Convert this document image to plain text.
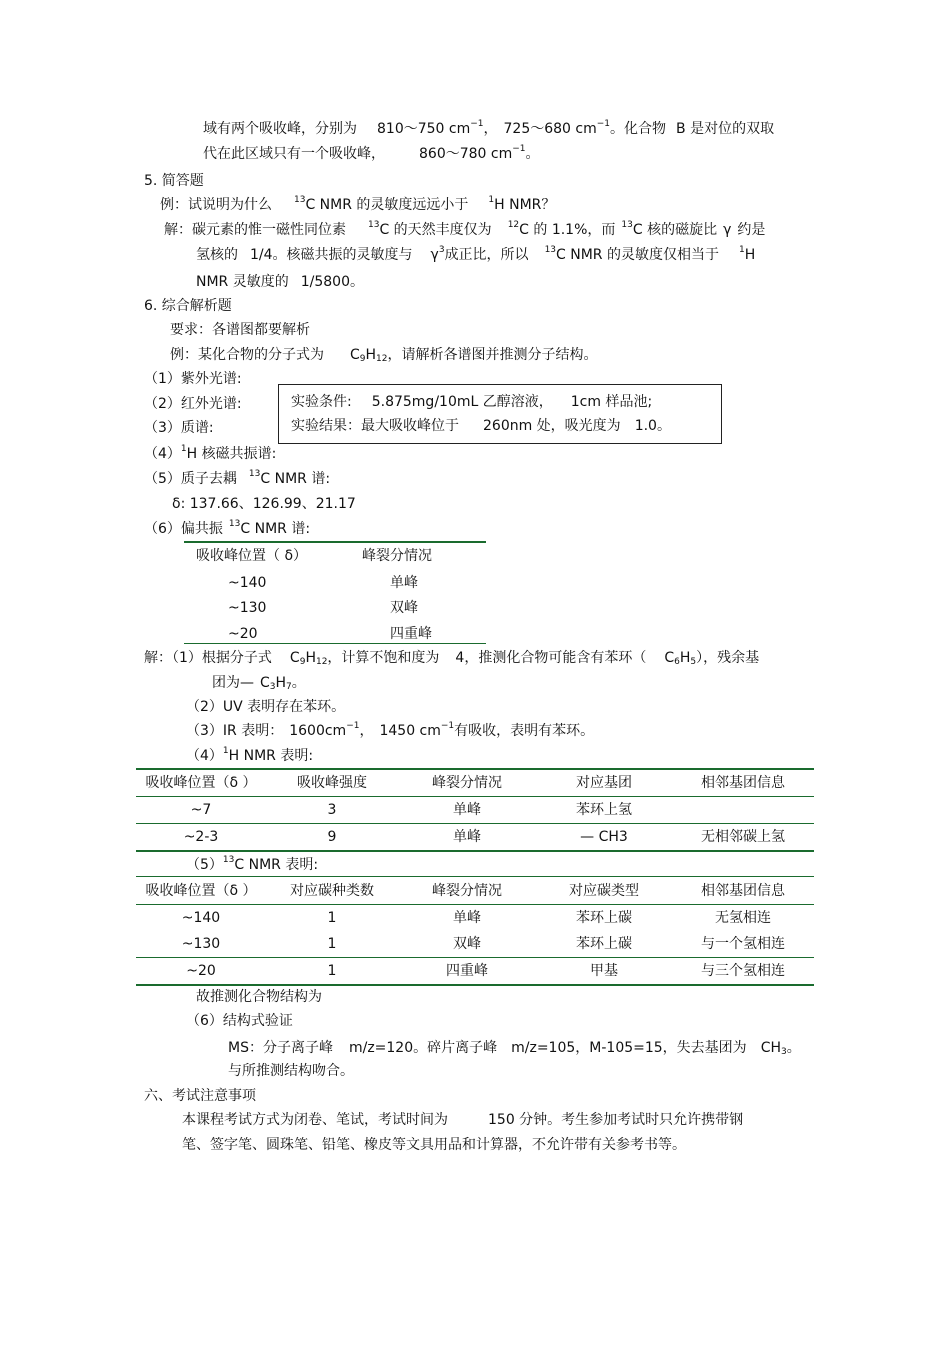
域有两个吸收峰，分别为 810～750 $cm^{-1}$， 725～680 $cm^{-1}$。化合物 B 是对位的双取
代在此区域只有一个吸收峰， 860～780 $cm^{-1}$。
5. 简答题
例：试说明为什么 $^{13}$C NMR 的灵敏度远远小于 $^1$H NMR？
解：碳元素的惟一磁性同位素 $^{13}$C 的天然丰度仅为 $^{12}$C 的 1.1%，而 $^{13}$C 核的磁旋比 γ 约是
氢核的 1/4。核磁共振的灵敏度与 $\gamma^3$成正比，所以 $^{13}$C NMR 的灵敏度仅相当于 $^1$H
NMR 灵敏度的 1/5800。
6. 综合解析题
要求：各谱图都要解析
例：某化合物的分子式为 $C_9H_{12}$，请解析各谱图并推测分子结构。
（1）紫外光谱:
（2）红外光谱:
（3）质谱:
$(4)^1H$ 核磁共振谱:
（5）质子去耦 $^{13}$C NMR 谱:
δ: 137.66、126.99、21.17
（6）偏共振 $^{13}$C NMR 谱:
实验条件: 5.875mg/10mL 乙醇溶液， 1cm 样品池;
实验结果：最大吸收峰位于 260nm 处，吸光度为 1.0。
吸收峰位置（ δ）	峰裂分情况
~140	单峰
~130	双峰
~20	四重峰
解：（1）根据分子式 $C_9H_{12}$，计算不饱和度为 4，推测化合物可能含有苯环（ $C_6H_5$），残余基
团为— $C_3H_7$。
（2）UV 表明存在苯环。
（3）IR 表明： $1600cm^{-1}$， 1450 $cm^{-1}$有吸收，表明有苯环。
$(4)^1H$ NMR 表明:
吸收峰位置（δ ）	吸收峰强度	峰裂分情况	对应基团	相邻基团信息
~7	3	单峰	苯环上氢	
~2-3	9	单峰	— CH3	无相邻碳上氢
$(5)^{13}C$ NMR 表明:
吸收峰位置（δ ）	对应碳种类数	峰裂分情况	对应碳类型	相邻基团信息
~140	1	单峰	苯环上碳	无氢相连
~130	1	双峰	苯环上碳	与一个氢相连
~20	1	四重峰	甲基	与三个氢相连
故推测化合物结构为
（6）结构式验证
MS：分子离子峰 m/z=120。碎片离子峰 m/z=105，M-105=15，失去基团为 $CH_3$。
与所推测结构吻合。
六、考试注意事项
本课程考试方式为闭卷、笔试，考试时间为	150 分钟。考生参加考试时只允许携带钢
笔、签字笔、圆珠笔、铅笔、橡皮等文具用品和计算器，不允许带有关参考书等。
